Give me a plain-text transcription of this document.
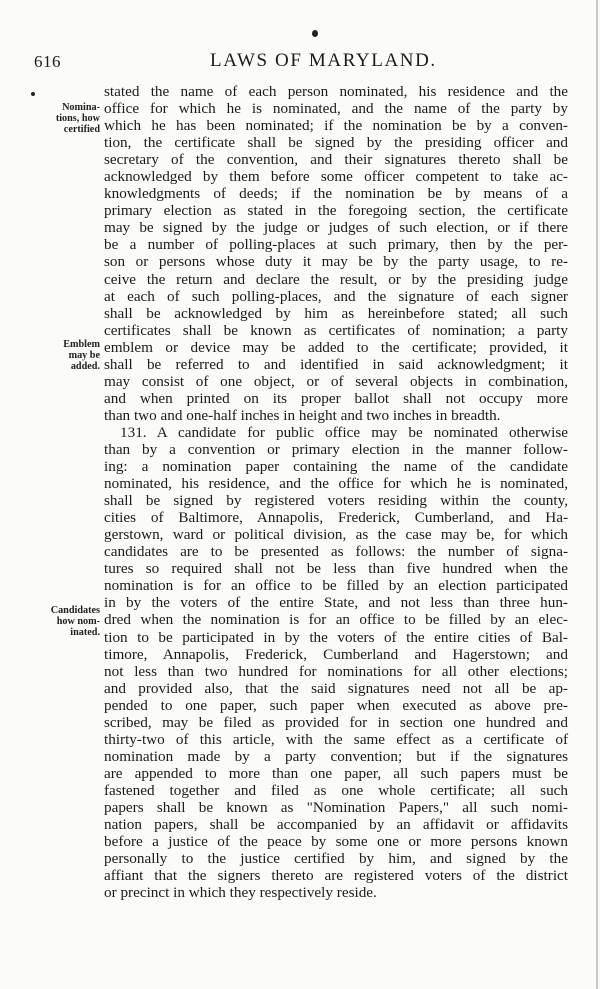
616	LAWS OF MARYLAND.
Nomina-
tions, how
certified
Emblem
may be
added.
Candidates
how nom-
inated.
stated the name of each person nominated, his residence and the
office for which he is nominated, and the name of the party by
which he has been nominated; if the nomination be by a conven-
tion, the certificate shall be signed by the presiding officer and
secretary of the convention, and their signatures thereto shall be
acknowledged by them before some officer competent to take ac-
knowledgments of deeds; if the nomination be by means of a
primary election as stated in the foregoing section, the certificate
may be signed by the judge or judges of such election, or if there
be a number of polling-places at such primary, then by the per-
son or persons whose duty it may be by the party usage, to re-
ceive the return and declare the result, or by the presiding judge
at each of such polling-places, and the signature of each signer
shall be acknowledged by him as hereinbefore stated; all such
certificates shall be known as certificates of nomination; a party
emblem or device may be added to the certificate; provided, it
shall be referred to and identified in said acknowledgment; it
may consist of one object, or of several objects in combination,
and when printed on its proper ballot shall not occupy more
than two and one-half inches in height and two inches in breadth.
131. A candidate for public office may be nominated otherwise
than by a convention or primary election in the manner follow-
ing: a nomination paper containing the name of the candidate
nominated, his residence, and the office for which he is nominated,
shall be signed by registered voters residing within the county,
cities of Baltimore, Annapolis, Frederick, Cumberland, and Ha-
gerstown, ward or political division, as the case may be, for which
candidates are to be presented as follows: the number of signa-
tures so required shall not be less than five hundred when the
nomination is for an office to be filled by an election participated
in by the voters of the entire State, and not less than three hun-
dred when the nomination is for an office to be filled by an elec-
tion to be participated in by the voters of the entire cities of Bal-
timore, Annapolis, Frederick, Cumberland and Hagerstown; and
not less than two hundred for nominations for all other elections;
and provided also, that the said signatures need not all be ap-
pended to one paper, such paper when executed as above pre-
scribed, may be filed as provided for in section one hundred and
thirty-two of this article, with the same effect as a certificate of
nomination made by a party convention; but if the signatures
are appended to more than one paper, all such papers must be
fastened together and filed as one whole certificate; all such
papers shall be known as "Nomination Papers," all such nomi-
nation papers, shall be accompanied by an affidavit or affidavits
before a justice of the peace by some one or more persons known
personally to the justice certified by him, and signed by the
affiant that the signers thereto are registered voters of the district
or precinct in which they respectively reside.
